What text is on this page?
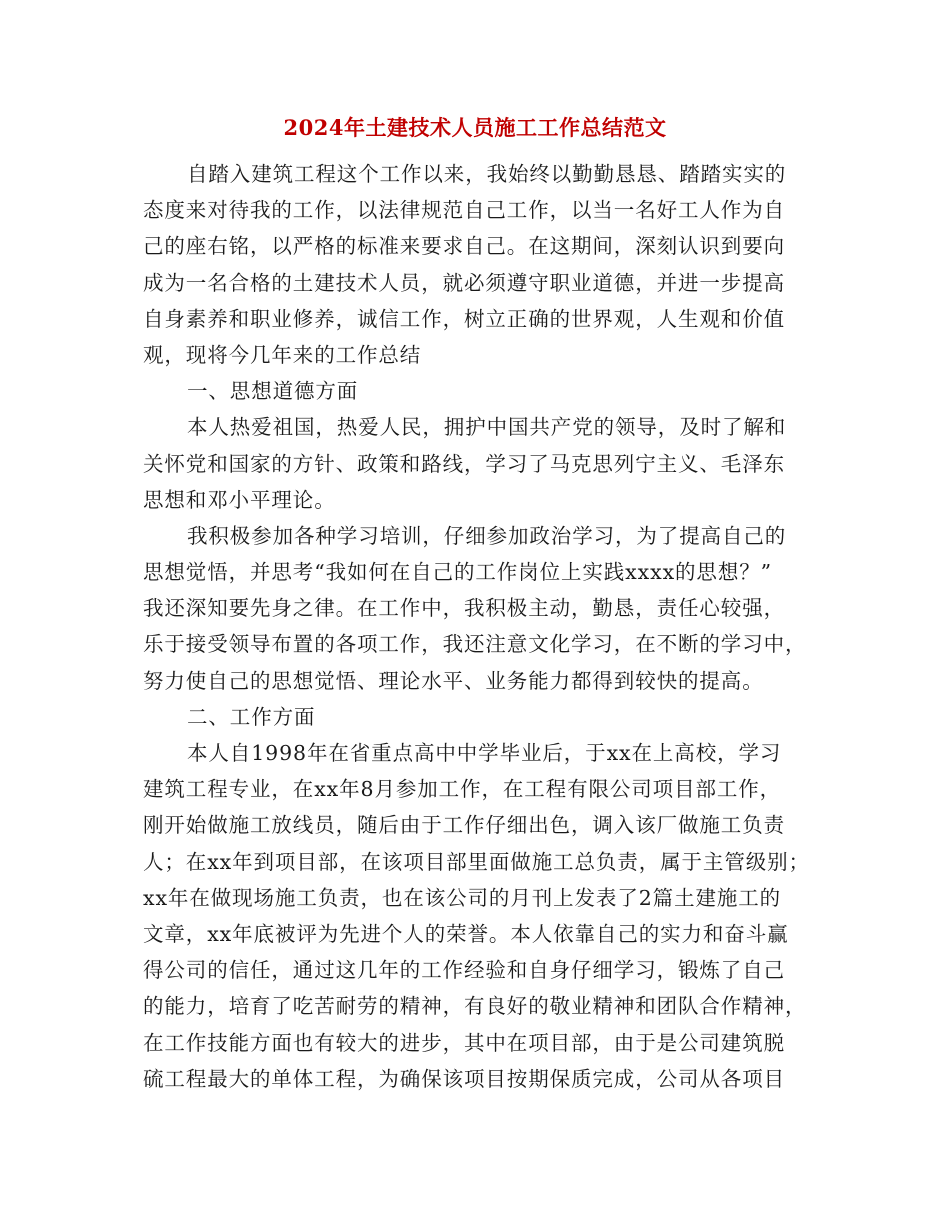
2024年土建技术人员施工工作总结范文
自踏入建筑工程这个工作以来，我始终以勤勤恳恳、踏踏实实的
态度来对待我的工作，以法律规范自己工作，以当一名好工人作为自
己的座右铭，以严格的标准来要求自己。在这期间，深刻认识到要向
成为一名合格的土建技术人员，就必须遵守职业道德，并进一步提高
自身素养和职业修养，诚信工作，树立正确的世界观，人生观和价值
观，现将今几年来的工作总结
一、思想道德方面
本人热爱祖国，热爱人民，拥护中国共产党的领导，及时了解和
关怀党和国家的方针、政策和路线，学习了马克思列宁主义、毛泽东
思想和邓小平理论。
我积极参加各种学习培训，仔细参加政治学习，为了提高自己的
思想觉悟，并思考“我如何在自己的工作岗位上实践xxxx的思想？”
我还深知要先身之律。在工作中，我积极主动，勤恳，责任心较强，
乐于接受领导布置的各项工作，我还注意文化学习，在不断的学习中，
努力使自己的思想觉悟、理论水平、业务能力都得到较快的提高。
二、工作方面
本人自1998年在省重点高中中学毕业后，于xx在上高校，学习
建筑工程专业，在xx年8月参加工作，在工程有限公司项目部工作，
刚开始做施工放线员，随后由于工作仔细出色，调入该厂做施工负责
人；在xx年到项目部，在该项目部里面做施工总负责，属于主管级别；
xx年在做现场施工负责，也在该公司的月刊上发表了2篇土建施工的
文章，xx年底被评为先进个人的荣誉。本人依靠自己的实力和奋斗赢
得公司的信任，通过这几年的工作经验和自身仔细学习，锻炼了自己
的能力，培育了吃苦耐劳的精神，有良好的敬业精神和团队合作精神，
在工作技能方面也有较大的进步，其中在项目部，由于是公司建筑脱
硫工程最大的单体工程，为确保该项目按期保质完成，公司从各项目
